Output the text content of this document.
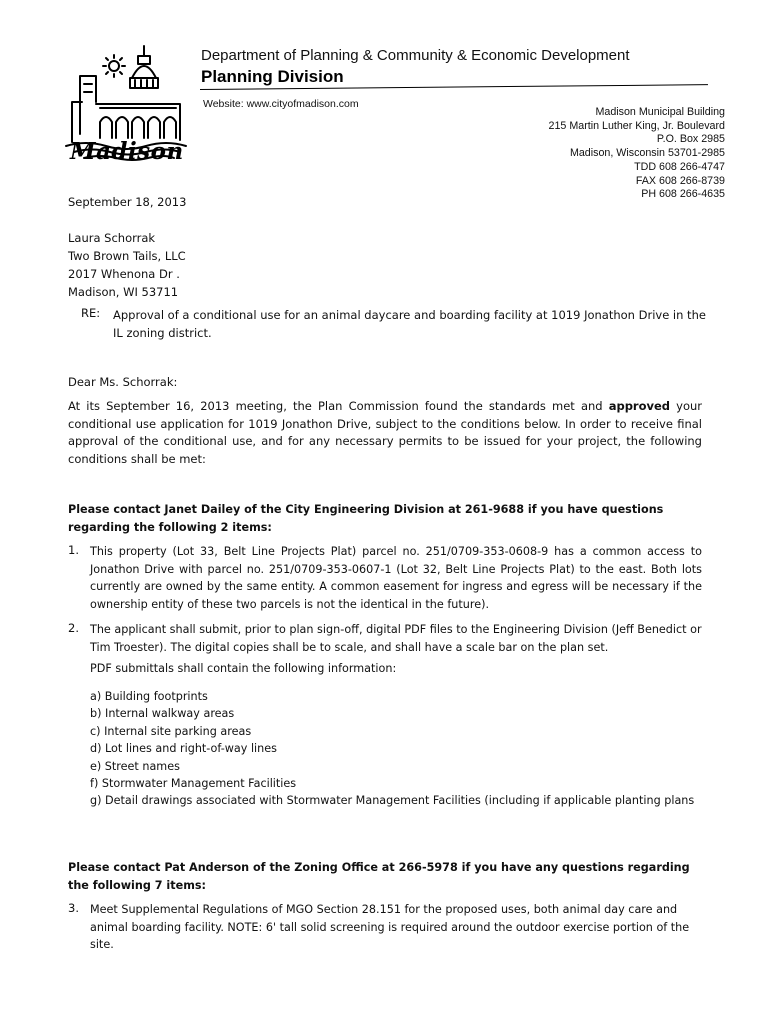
Madison
Department of Planning & Community & Economic Development
Planning Division
Website: www.cityofmadison.com
Madison Municipal Building
215 Martin Luther King, Jr. Boulevard
P.O. Box 2985
Madison, Wisconsin 53701-2985
TDD 608 266-4747
FAX 608 266-8739
PH 608 266-4635
September 18, 2013
Laura Schorrak
Two Brown Tails, LLC
2017 Whenona Dr .
Madison, WI 53711
RE: Approval of a conditional use for an animal daycare and boarding facility at 1019 Jonathon Drive in the IL zoning district.
Dear Ms. Schorrak:
At its September 16, 2013 meeting, the Plan Commission found the standards met and approved your conditional use application for 1019 Jonathon Drive, subject to the conditions below. In order to receive final approval of the conditional use, and for any necessary permits to be issued for your project, the following conditions shall be met:
Please contact Janet Dailey of the City Engineering Division at 261-9688 if you have questions regarding the following 2 items:
1. This property (Lot 33, Belt Line Projects Plat) parcel no. 251/0709-353-0608-9 has a common access to Jonathon Drive with parcel no. 251/0709-353-0607-1 (Lot 32, Belt Line Projects Plat) to the east. Both lots currently are owned by the same entity. A common easement for ingress and egress will be necessary if the ownership entity of these two parcels is not the identical in the future).
2. The applicant shall submit, prior to plan sign-off, digital PDF files to the Engineering Division (Jeff Benedict or Tim Troester). The digital copies shall be to scale, and shall have a scale bar on the plan set.
PDF submittals shall contain the following information:
a) Building footprints
b) Internal walkway areas
c) Internal site parking areas
d) Lot lines and right-of-way lines
e) Street names
f) Stormwater Management Facilities
g) Detail drawings associated with Stormwater Management Facilities (including if applicable planting plans
Please contact Pat Anderson of the Zoning Office at 266-5978 if you have any questions regarding the following 7 items:
3. Meet Supplemental Regulations of MGO Section 28.151 for the proposed uses, both animal day care and animal boarding facility. NOTE: 6' tall solid screening is required around the outdoor exercise portion of the site.
